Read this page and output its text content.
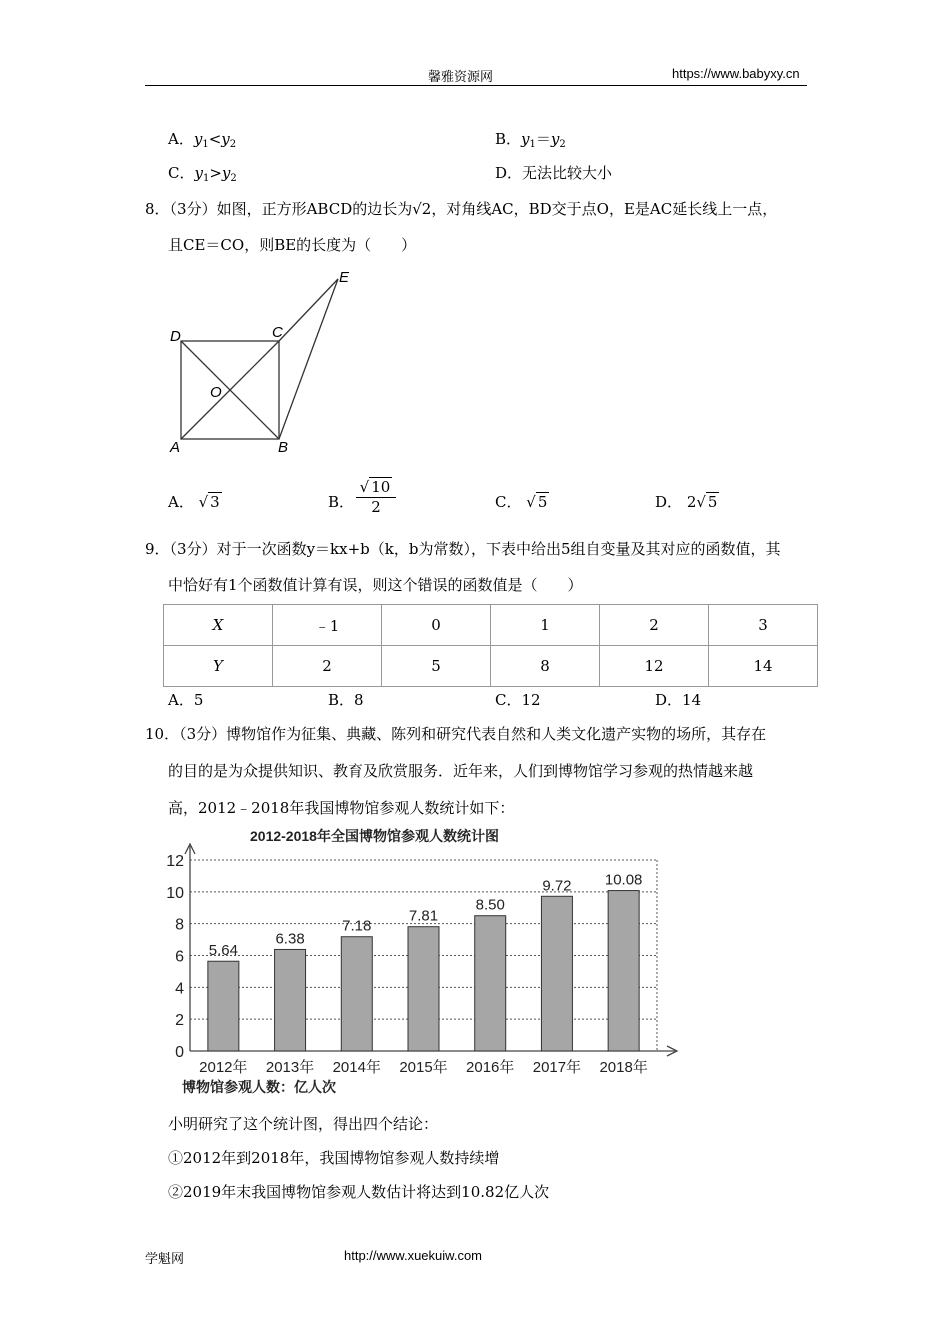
馨雅资源网	https://www.babyxy.cn
A．$y_1<y_2$	B．$y_1=y_2$
C．$y_1>y_2$	D．无法比较大小
8．（3分）如图，正方形ABCD的边长为√2，对角线AC，BD交于点O，E是AC延长线上一点，
且CE＝CO，则BE的长度为（　　）
D	C
A	B
O
E
A． √ 3	B．
√ 10
2	C． √ 5	D． 2√ 5
9．（3分）对于一次函数y＝kx+b（k，b为常数），下表中给出5组自变量及其对应的函数值，其
中恰好有1个函数值计算有误，则这个错误的函数值是（　　）
X	﹣1	0	1	2	3
Y	2	5	8	12	14
A．5	B．8	C．12	D．14
10．（3分）博物馆作为征集、典藏、陈列和研究代表自然和人类文化遗产实物的场所，其存在
的目的是为众提供知识、教育及欣赏服务．近年来，人们到博物馆学习参观的热情越来越
高，2012﹣2018年我国博物馆参观人数统计如下：
2012-2018年全国博物馆参观人数统计图
0
2
4
6
8
10
12
5.64
2012年
6.38
2013年
7.18
2014年
7.81
2015年
8.50
2016年
9.72
2017年
10.08
2018年
博物馆参观人数：亿人次
小明研究了这个统计图，得出四个结论：
①2012年到2018年，我国博物馆参观人数持续增
②2019年末我国博物馆参观人数估计将达到10.82亿人次
学魁网	http://www.xuekuiw.com
